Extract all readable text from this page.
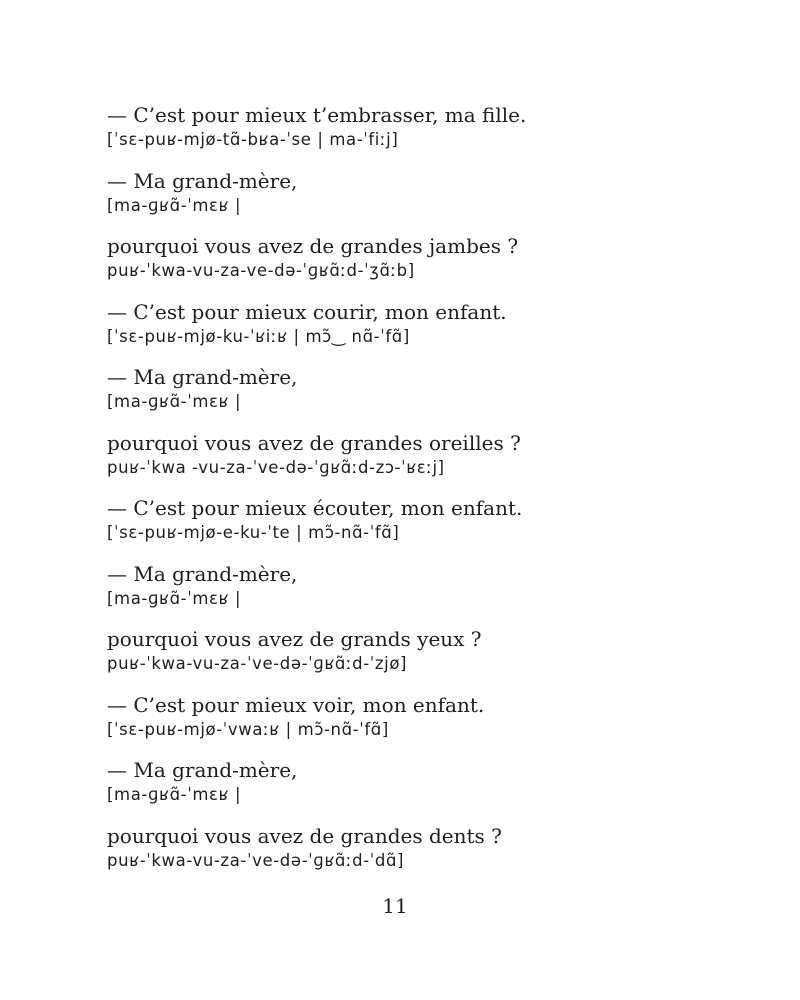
— C’est pour mieux t’embrasser, ma fille.
[ˈsɛ-puʁ-mjø-tɑ̃-bʁa-ˈse | ma-ˈfiːj]
— Ma grand-mère,
[ma-ɡʁɑ̃-ˈmɛʁ |
pourquoi vous avez de grandes jambes ?
puʁ-ˈkwa-vu-za-ve-də-ˈɡʁɑ̃ːd-ˈʒɑ̃ːb]
— C’est pour mieux courir, mon enfant.
[ˈsɛ-puʁ-mjø-ku-ˈʁiːʁ | mɔ̃‿ nɑ̃-ˈfɑ̃]
— Ma grand-mère,
[ma-ɡʁɑ̃-ˈmɛʁ |
pourquoi vous avez de grandes oreilles ?
puʁ-ˈkwa -vu-za-ˈve-də-ˈɡʁɑ̃ːd-zɔ-ˈʁɛːj]
— C’est pour mieux écouter, mon enfant.
[ˈsɛ-puʁ-mjø-e-ku-ˈte | mɔ̃-nɑ̃-ˈfɑ̃]
— Ma grand-mère,
[ma-ɡʁɑ̃-ˈmɛʁ |
pourquoi vous avez de grands yeux ?
puʁ-ˈkwa-vu-za-ˈve-də-ˈɡʁɑ̃ːd-ˈzjø]
— C’est pour mieux voir, mon enfant.
[ˈsɛ-puʁ-mjø-ˈvwaːʁ | mɔ̃-nɑ̃-ˈfɑ̃]
— Ma grand-mère,
[ma-ɡʁɑ̃-ˈmɛʁ |
pourquoi vous avez de grandes dents ?
puʁ-ˈkwa-vu-za-ˈve-də-ˈɡʁɑ̃ːd-ˈdɑ̃]
11
